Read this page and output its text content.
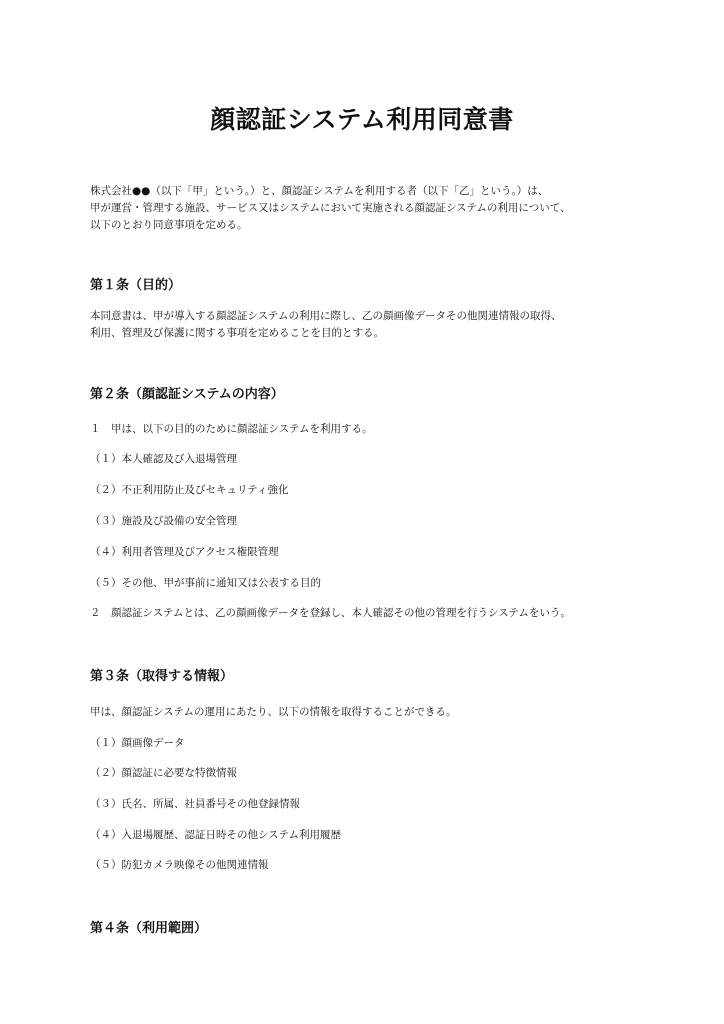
顔認証システム利用同意書

株式会社●●（以下「甲」という。）と、顔認証システムを利用する者（以下「乙」という。）は、

甲が運営・管理する施設、サービス又はシステムにおいて実施される顔認証システムの利用について、

以下のとおり同意事項を定める。

第１条（目的）

本同意書は、甲が導入する顔認証システムの利用に際し、乙の顔画像データその他関連情報の取得、

利用、管理及び保護に関する事項を定めることを目的とする。

第２条（顔認証システムの内容）

１　甲は、以下の目的のために顔認証システムを利用する。

（１）本人確認及び入退場管理

（２）不正利用防止及びセキュリティ強化

（３）施設及び設備の安全管理

（４）利用者管理及びアクセス権限管理

（５）その他、甲が事前に通知又は公表する目的

２　顔認証システムとは、乙の顔画像データを登録し、本人確認その他の管理を行うシステムをいう。

第３条（取得する情報）

甲は、顔認証システムの運用にあたり、以下の情報を取得することができる。

（１）顔画像データ

（２）顔認証に必要な特徴情報

（３）氏名、所属、社員番号その他登録情報

（４）入退場履歴、認証日時その他システム利用履歴

（５）防犯カメラ映像その他関連情報

第４条（利用範囲）
